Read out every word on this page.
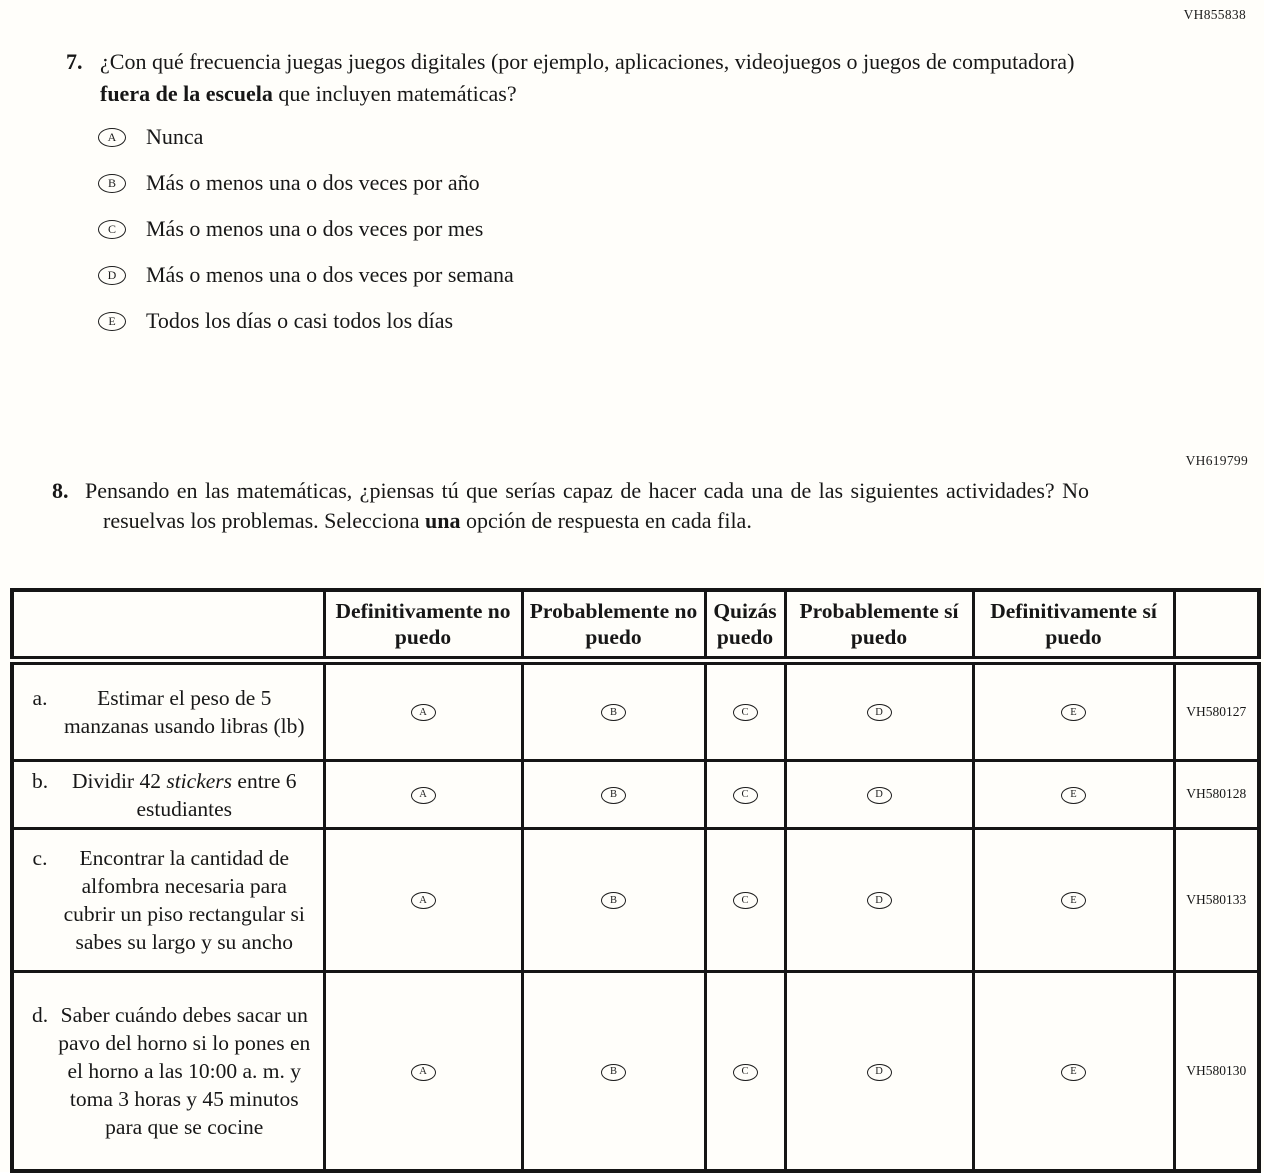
VH855838
7. ¿Con qué frecuencia juegas juegos digitales (por ejemplo, aplicaciones, videojuegos o juegos de computadora) fuera de la escuela que incluyen matemáticas?
A Nunca
B Más o menos una o dos veces por año
C Más o menos una o dos veces por mes
D Más o menos una o dos veces por semana
E Todos los días o casi todos los días
VH619799
8. Pensando en las matemáticas, ¿piensas tú que serías capaz de hacer cada una de las siguientes actividades? No resuelvas los problemas. Selecciona una opción de respuesta en cada fila.
	Definitivamente no puedo	Probablemente no puedo	Quizás puedo	Probablemente sí puedo	Definitivamente sí puedo	

a. Estimar el peso de 5 manzanas usando libras (lb)	A	B	C	D	E	VH580127

b. Dividir 42 stickers entre 6 estudiantes	A	B	C	D	E	VH580128

c. Encontrar la cantidad de alfombra necesaria para cubrir un piso rectangular si sabes su largo y su ancho	A	B	C	D	E	VH580133

d. Saber cuándo debes sacar un pavo del horno si lo pones en el horno a las 10:00 a. m. y toma 3 horas y 45 minutos para que se cocine	A	B	C	D	E	VH580130
